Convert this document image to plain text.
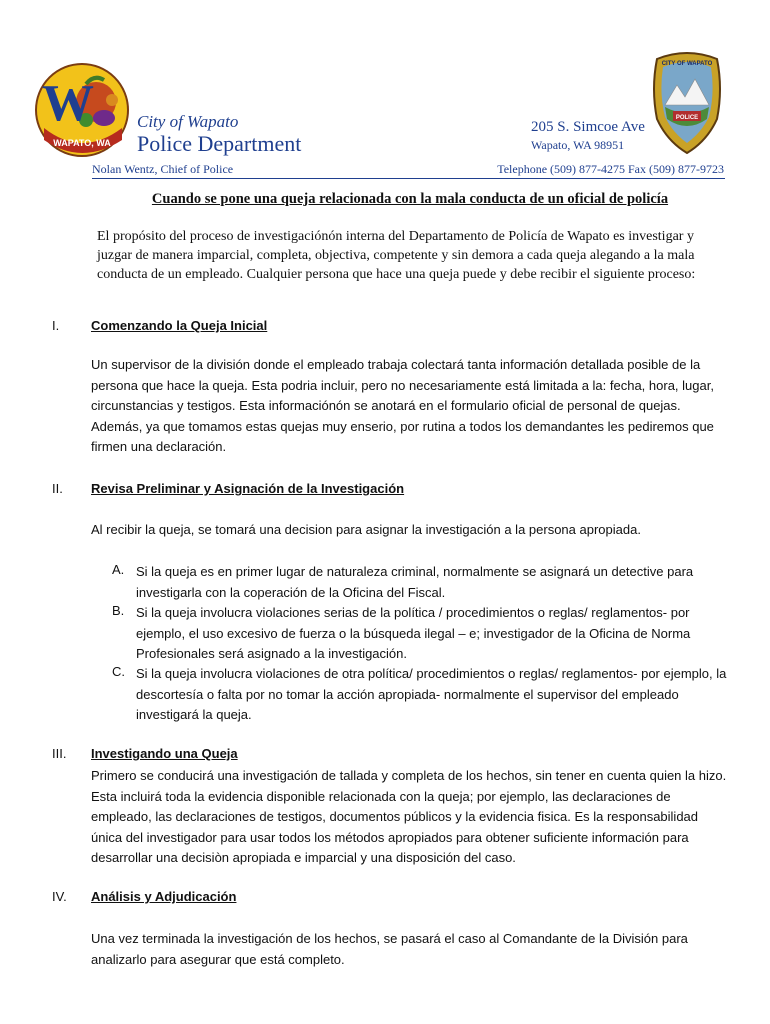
W
WAPATO, WA
POLICE
CITY OF WAPATO
City of Wapato
Police Department
205 S. Simcoe Ave
Wapato, WA 98951
Nolan Wentz, Chief of Police	Telephone (509) 877-4275 Fax (509) 877-9723
Cuando se pone una queja relacionada con la mala conducta de un oficial de policía
El propósito del proceso de investigaciónón interna del Departamento de Policía de Wapato es investigar y juzgar de manera imparcial, completa, objectiva, competente y sin demora a cada queja alegando a la mala conducta de un empleado. Cualquier persona que hace una queja puede y debe recibir el siguiente proceso:
I. Comenzando la Queja Inicial
Un supervisor de la división donde el empleado trabaja colectará tanta información detallada posible de la persona que hace la queja. Esta podria incluir, pero no necesariamente está limitada a la: fecha, hora, lugar, circunstancias y testigos. Esta informaciónón se anotará en el formulario oficial de personal de quejas. Además, ya que tomamos estas quejas muy enserio, por rutina a todos los demandantes les pediremos que firmen una declaración.
II. Revisa Preliminar y Asignación de la Investigación
Al recibir la queja, se tomará una decision para asignar la investigación a la persona apropiada.
A. Si la queja es en primer lugar de naturaleza criminal, normalmente se asignará un detective para investigarla con la coperación de la Oficina del Fiscal.
B. Si la queja involucra violaciones serias de la política / procedimientos o reglas/ reglamentos- por ejemplo, el uso excesivo de fuerza o la búsqueda ilegal – e; investigador de la Oficina de Norma Profesionales será asignado a la investigación.
C. Si la queja involucra violaciones de otra política/ procedimientos o reglas/ reglamentos- por ejemplo, la descortesía o falta por no tomar la acción apropiada- normalmente el supervisor del empleado investigará la queja.
III. Investigando una Queja
Primero se conducirá una investigación de tallada y completa de los hechos, sin tener en cuenta quien la hizo. Esta incluirá toda la evidencia disponible relacionada con la queja; por ejemplo, las declaraciones de empleado, las declaraciones de testigos, documentos públicos y la evidencia fisica. Es la responsabilidad única del investigador para usar todos los métodos apropiados para obtener suficiente información para desarrollar una decisiòn apropiada e imparcial y una disposición del caso.
IV. Análisis y Adjudicación
Una vez terminada la investigación de los hechos, se pasará el caso al Comandante de la División para analizarlo para asegurar que está completo.
